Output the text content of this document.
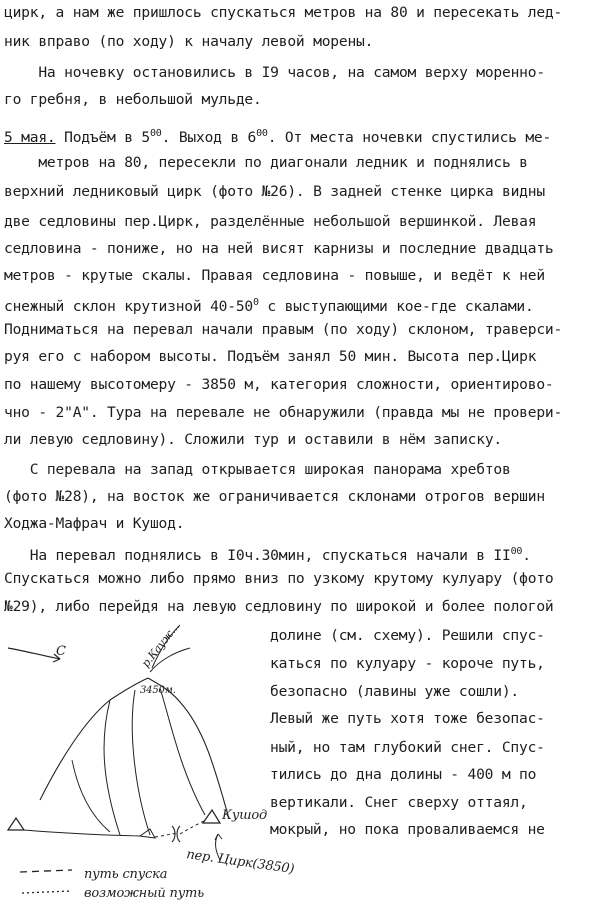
цирк, а нам же пришлось спускаться метров на 80 и пересекать лед-
ник вправо (по ходу) к началу левой морены.
На ночевку остановились в I9 часов, на самом верху моренно-
го гребня, в небольшой мульде.
5 мая. Подъём в $5^{00}$. Выход в $6^{00}$. От места ночевки спустились ме-
метров на 80, пересекли по диагонали ледник и поднялись в
верхний ледниковый цирк (фото №26). В задней стенке цирка видны
две седловины пер.Цирк, разделённые небольшой вершинкой. Левая
седловина - пониже, но на ней висят карнизы и последние двадцать
метров - крутые скалы. Правая седловина - повыше, и ведёт к ней
снежный склон крутизной $40-50^0$ с выступающими кое-где скалами.
Подниматься на перевал начали правым (по ходу) склоном, траверси-
руя его с набором высоты. Подъём занял 50 мин. Высота пер.Цирк
по нашему высотомеру - 3850 м, категория сложности, ориентирово-
чно - 2"А". Тура на перевале не обнаружили (правда мы не провери-
ли левую седловину). Сложили тур и оставили в нём записку.
С перевала на запад открывается широкая панорама хребтов
(фото №28), на восток же ограничивается склонами отрогов вершин
Ходжа-Мафрач и Кушод.
На перевал поднялись в I0ч.30мин, спускаться начали в II$^{00}$.
Спускаться можно либо прямо вниз по узкому крутому кулуару (фото
№29), либо перейдя на левую седловину по широкой и более пологой
долине (см. схему). Решили спус-
каться по кулуару - короче путь,
безопасно (лавины уже сошли).
Левый же путь хотя тоже безопас-
ный, но там глубокий снег. Спус-
тились до дна долины - 400 м по
вертикали. Снег сверху оттаял,
мокрый, но пока проваливаемся не
С	р.Кауж...
3450м.
Кушод
пер. Цирк(3850)
путь спуска
возможный путь
